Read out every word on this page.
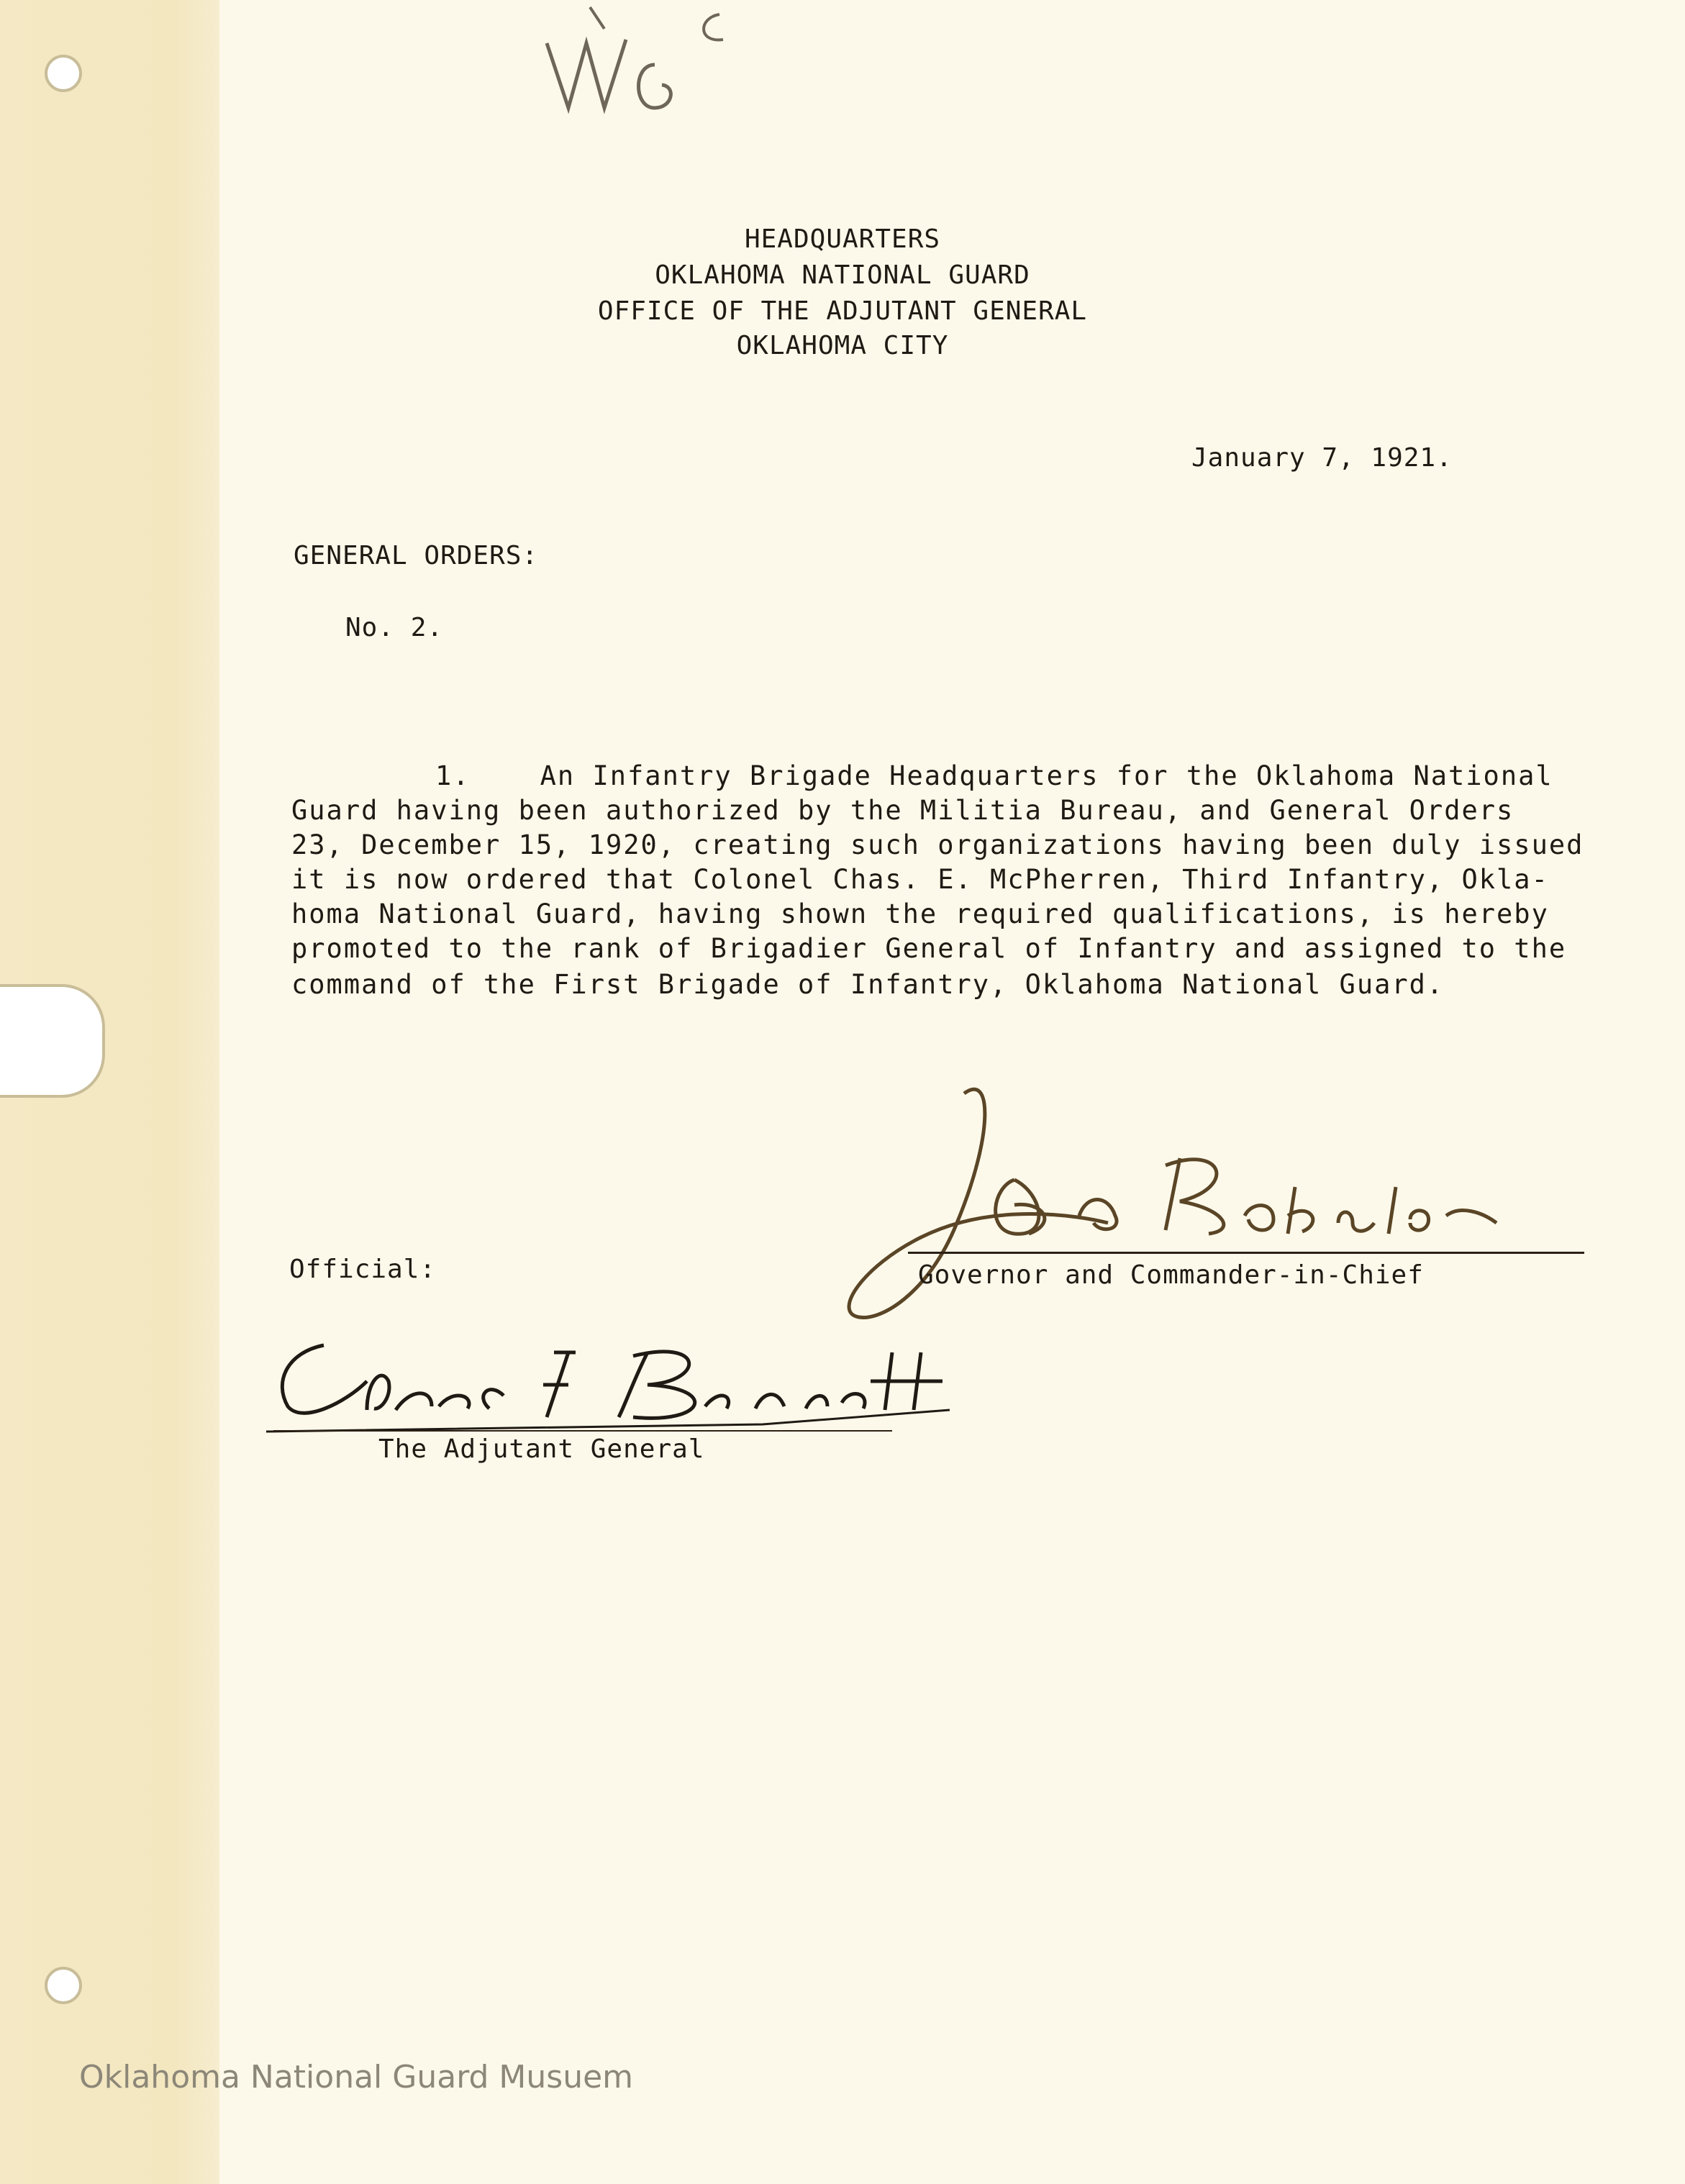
HEADQUARTERS
OKLAHOMA NATIONAL GUARD
OFFICE OF THE ADJUTANT GENERAL
OKLAHOMA CITY
January 7, 1921.
GENERAL ORDERS:
No. 2.
1.    An Infantry Brigade Headquarters for the Oklahoma National
Guard having been authorized by the Militia Bureau, and General Orders
23, December 15, 1920, creating such organizations having been duly issued
it is now ordered that Colonel Chas. E. McPherren, Third Infantry, Okla-
homa National Guard, having shown the required qualifications, is hereby
promoted to the rank of Brigadier General of Infantry and assigned to the
command of the First Brigade of Infantry, Oklahoma National Guard.
Governor and Commander-in-Chief
Official:
The Adjutant General
Oklahoma National Guard Musuem
